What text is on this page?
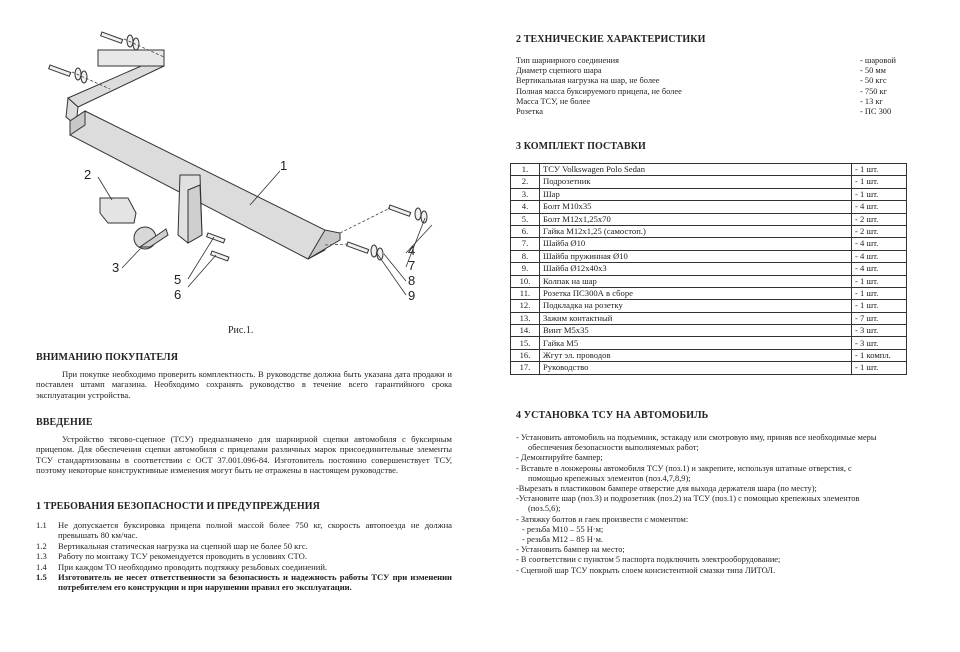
1
2
3
4
5
6
7
8
9
Рис.1.
ВНИМАНИЮ ПОКУПАТЕЛЯ
При покупке необходимо проверить комплектность. В руководстве должна быть указана дата продажи и поставлен штамп магазина. Необходимо сохранять руководство в течение всего гарантийного срока эксплуатации устройства.
ВВЕДЕНИЕ
Устройство тягово-сцепное (ТСУ) предназначено для шарнирной сцепки автомобиля с буксирным прицепом. Для обеспечения сцепки автомобиля с прицепами различных марок присоединительные элементы ТСУ стандартизованы в соответствии с ОСТ 37.001.096-84. Изготовитель постоянно совершенствует ТСУ, поэтому некоторые конструктивные изменения могут быть не отражены в настоящем руководстве.
1 ТРЕБОВАНИЯ БЕЗОПАСНОСТИ И ПРЕДУПРЕЖДЕНИЯ
1.1	Не допускается буксировка прицепа полной массой более 750 кг, скорость автопоезда не должна превышать 80 км/час.
1.2	Вертикальная статическая нагрузка на сцепной шар не более 50 кгс.
1.3	Работу по монтажу ТСУ рекомендуется проводить в условиях СТО.
1.4	При каждом ТО необходимо проводить подтяжку резьбовых соединений.
1.5	Изготовитель не несет ответственности за безопасность и надежность работы ТСУ при изменении потребителем его конструкции и при нарушении правил его эксплуатации.
2 ТЕХНИЧЕСКИЕ ХАРАКТЕРИСТИКИ
Тип шарнирного соединения	- шаровой
Диаметр сцепного шара	- 50 мм
Вертикальная нагрузка на шар, не более	- 50 кгс
Полная масса буксируемого прицепа, не более	- 750 кг
Масса ТСУ, не более	- 13 кг
Розетка	- ПС 300
3 КОМПЛЕКТ ПОСТАВКИ
1.	ТСУ Volkswagen Polo Sedan	- 1 шт.
2.	Подрозетник	- 1 шт.
3.	Шар	- 1 шт.
4.	Болт М10х35	- 4 шт.
5.	Болт М12х1,25х70	- 2 шт.
6.	Гайка М12х1,25 (самостоп.)	- 2 шт.
7.	Шайба Ø10	- 4 шт.
8.	Шайба пружинная Ø10	- 4 шт.
9.	Шайба Ø12х40х3	- 4 шт.
10.	Колпак на шар	- 1 шт.
11.	Розетка ПС300А в сборе	- 1 шт.
12.	Подкладка на розетку	- 1 шт.
13.	Зажим контактный	- 7 шт.
14.	Винт М5х35	- 3 шт.
15.	Гайка М5	- 3 шт.
16.	Жгут эл. проводов	- 1 компл.
17.	Руководство	- 1 шт.
4 УСТАНОВКА ТСУ НА АВТОМОБИЛЬ
- Установить автомобиль на подъемник, эстакаду или смотровую яму, приняв все необходимые меры
обеспечения безопасности выполняемых работ;
- Демонтируйте бампер;
- Вставьте в лонжероны автомобиля ТСУ (поз.1) и закрепите, используя штатные отверстия, с
помощью крепежных элементов (поз.4,7,8,9);
-Вырезать в пластиковом бампере отверстие для выхода держателя шара (по месту);
-Установите шар (поз.3) и подрозетник (поз.2) на ТСУ (поз.1) с помощью крепежных элементов
(поз.5,6);
- Затяжку болтов и гаек произвести с моментом:
- резьба М10 – 55 Н·м;
- резьба М12 – 85 Н·м.
- Установить бампер на место;
- В соответствии с пунктом 5 паспорта подключить электрооборудование;
- Сцепной шар ТСУ покрыть слоем консистентной смазки типа ЛИТОЛ.
